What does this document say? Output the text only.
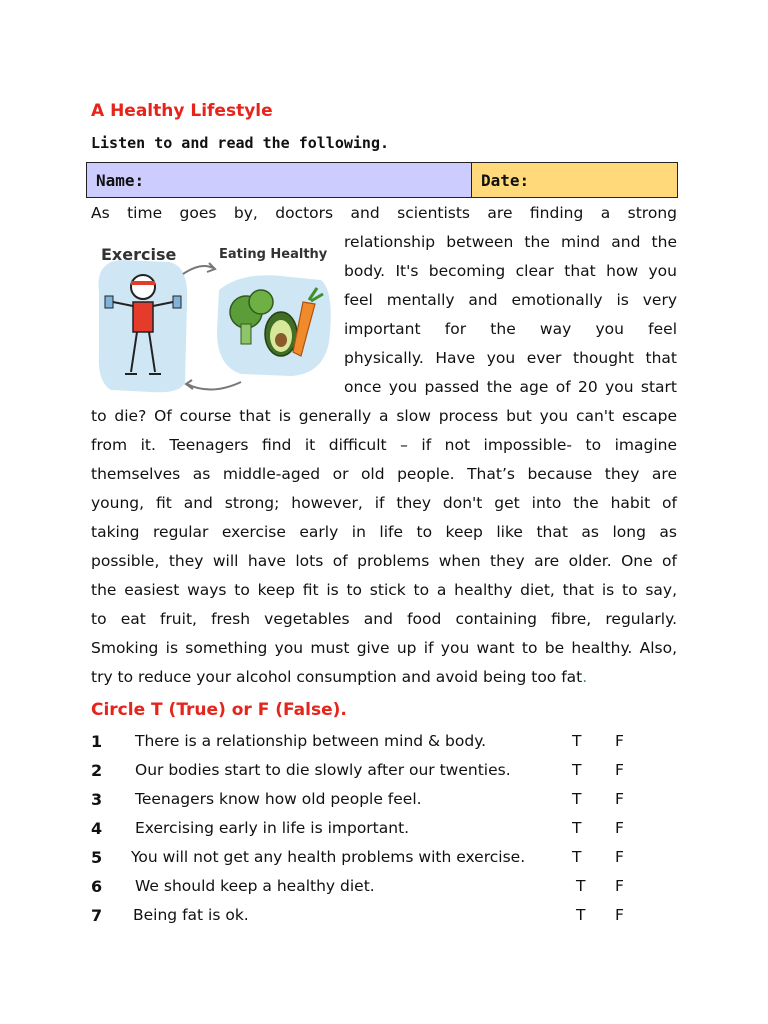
A Healthy Lifestyle

Listen to and read the following.

Name:	Date:
Exercise	Eating Healthy

As time goes by, doctors and scientists are finding a strong
relationship between the mind and the
body. It's becoming clear that how you
feel mentally and emotionally is very
important for the way you feel
physically. Have you ever thought that
once you passed the age of 20 you start
to die? Of course that is generally a slow process but you can't escape
from it. Teenagers find it difficult – if not impossible- to imagine
themselves as middle-aged or old people. That’s because they are
young, fit and strong; however, if they don't get into the habit of
taking regular exercise early in life to keep like that as long as
possible, they will have lots of problems when they are older. One of
the easiest ways to keep fit is to stick to a healthy diet, that is to say,
to eat fruit, fresh vegetables and food containing fibre, regularly.
Smoking is something you must give up if you want to be healthy. Also,
try to reduce your alcohol consumption and avoid being too fat.

Circle T (True) or F (False).
1 There is a relationship between mind & body.	T F
2 Our bodies start to die slowly after our twenties.	T F
3 Teenagers know how old people feel.	T F
4 Exercising early in life is important.	T F
5 You will not get any health problems with exercise.	T F
6 We should keep a healthy diet.	T F
7 Being fat is ok.	T F
